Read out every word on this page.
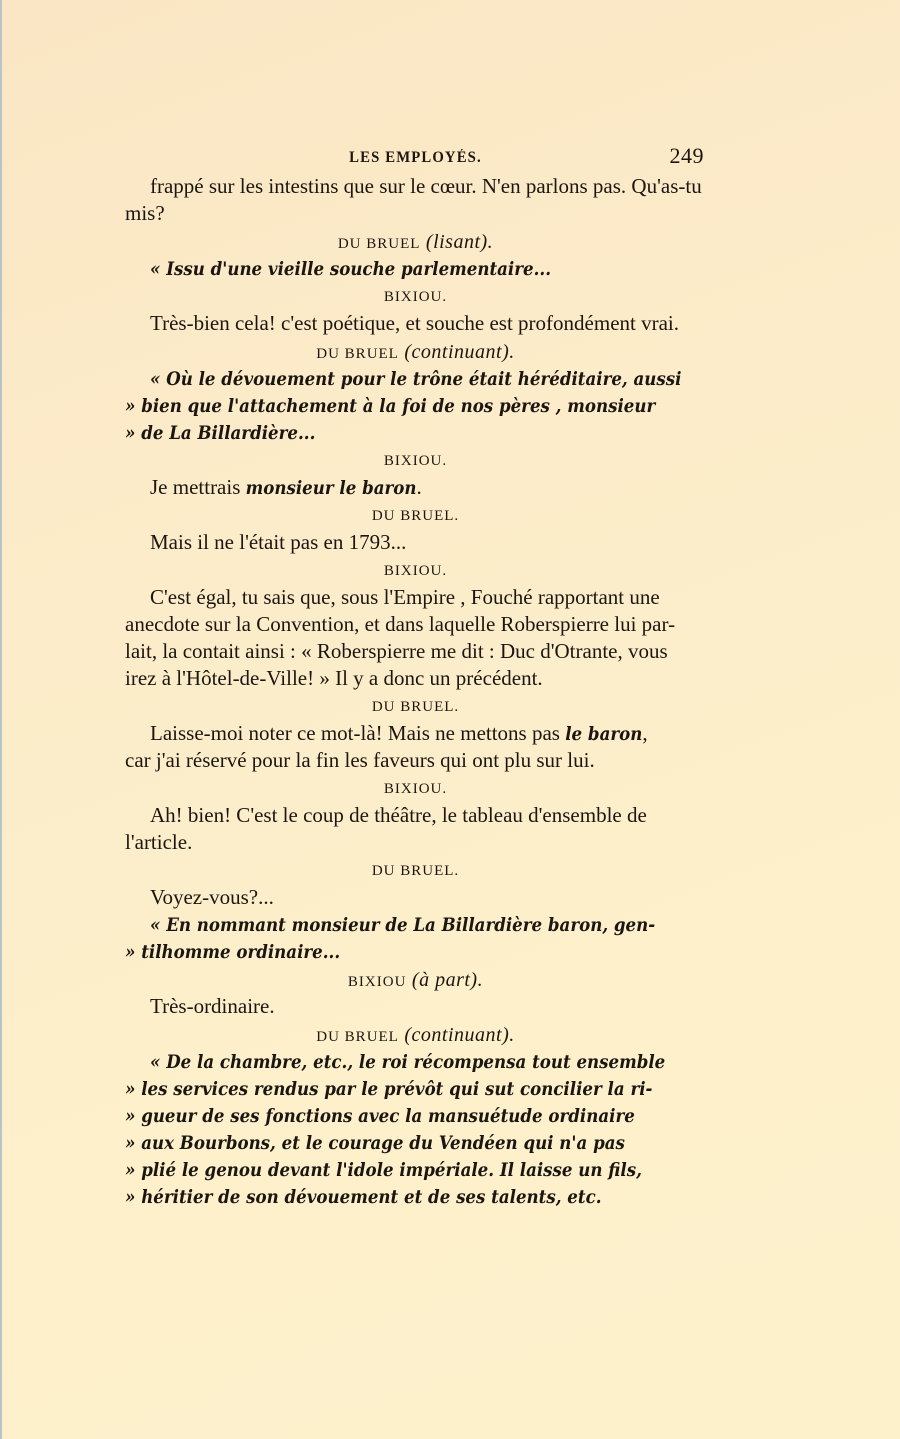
LES EMPLOYÉS.	249
frappé sur les intestins que sur le cœur. N'en parlons pas. Qu'as-tu
mis?
DU BRUEL (lisant).
« Issu d'une vieille souche parlementaire...
BIXIOU.
Très-bien cela! c'est poétique, et souche est profondément vrai.
DU BRUEL (continuant).
« Où le dévouement pour le trône était héréditaire, aussi
» bien que l'attachement à la foi de nos pères , monsieur
» de La Billardière...
BIXIOU.
Je mettrais monsieur le baron.
DU BRUEL.
Mais il ne l'était pas en 1793...
BIXIOU.
C'est égal, tu sais que, sous l'Empire , Fouché rapportant une
anecdote sur la Convention, et dans laquelle Roberspierre lui par-
lait, la contait ainsi : « Roberspierre me dit : Duc d'Otrante, vous
irez à l'Hôtel-de-Ville! » Il y a donc un précédent.
DU BRUEL.
Laisse-moi noter ce mot-là! Mais ne mettons pas le baron,
car j'ai réservé pour la fin les faveurs qui ont plu sur lui.
BIXIOU.
Ah! bien! C'est le coup de théâtre, le tableau d'ensemble de
l'article.
DU BRUEL.
Voyez-vous?...
« En nommant monsieur de La Billardière baron, gen-
» tilhomme ordinaire...
BIXIOU (à part).
Très-ordinaire.
DU BRUEL (continuant).
« De la chambre, etc., le roi récompensa tout ensemble
» les services rendus par le prévôt qui sut concilier la ri-
» gueur de ses fonctions avec la mansuétude ordinaire
» aux Bourbons, et le courage du Vendéen qui n'a pas
» plié le genou devant l'idole impériale. Il laisse un fils,
» héritier de son dévouement et de ses talents, etc.
